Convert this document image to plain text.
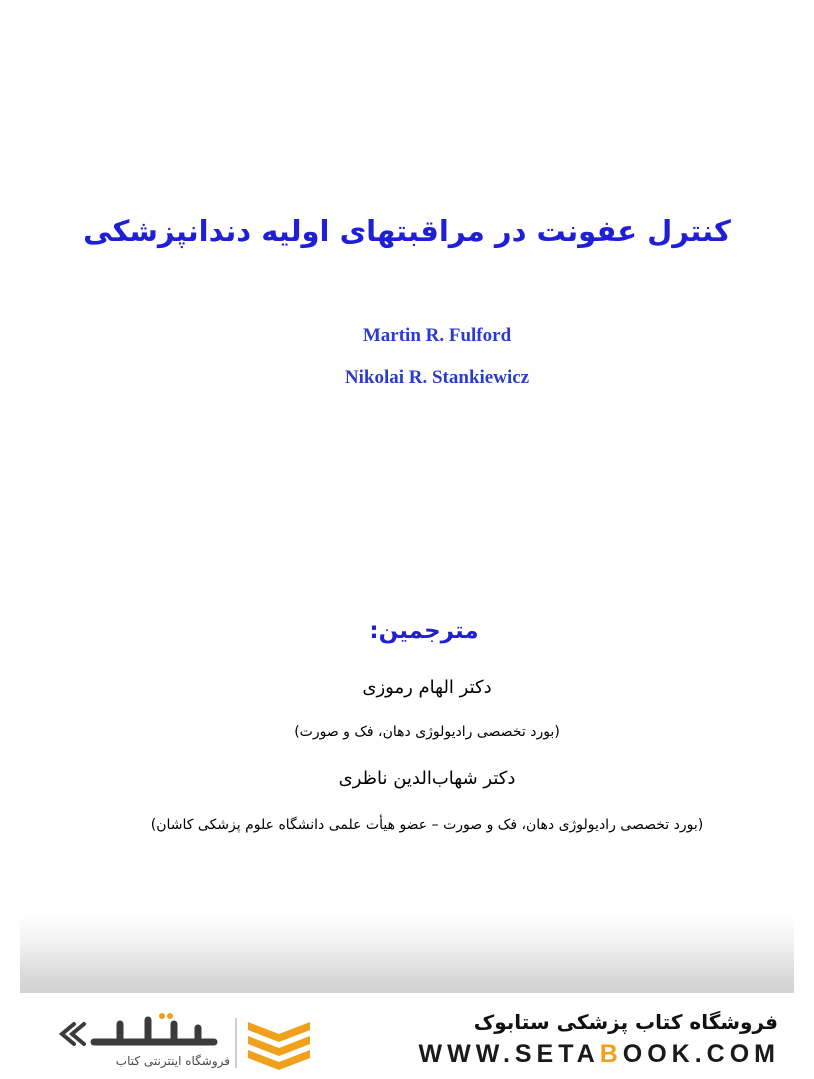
کنترل عفونت در مراقبتهای اولیه دندانپزشکی
Martin R. Fulford
Nikolai R. Stankiewicz
مترجمین:
دکتر الهام رموزی
(بورد تخصصی رادیولوژی دهان، فک و صورت)
دکتر شهاب‌الدین ناظری
(بورد تخصصی رادیولوژی دهان، فک و صورت – عضو هیأت علمی دانشگاه علوم پزشکی کاشان)
فروشگاه کتاب پزشکی ستابوک
WWW.SETABOOK.COM
فروشگاه اینترنتی کتاب
